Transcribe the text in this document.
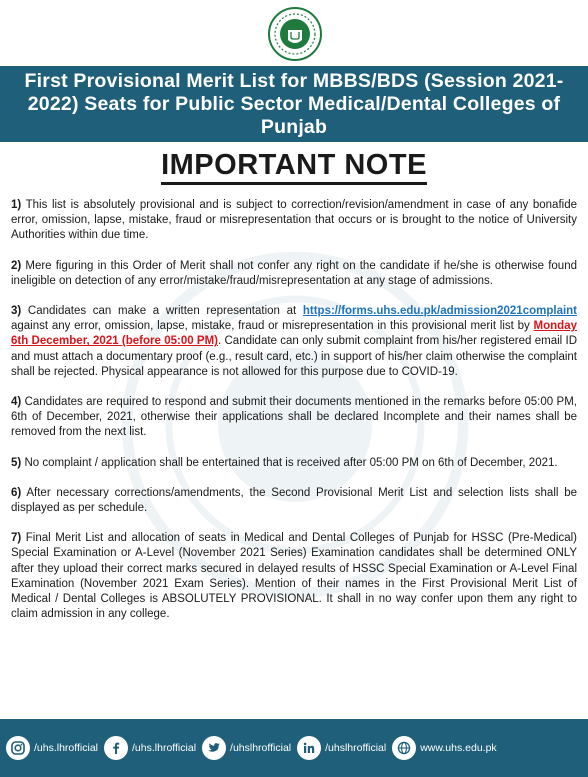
First Provisional Merit List for MBBS/BDS (Session 2021-2022) Seats for Public Sector Medical/Dental Colleges of Punjab
IMPORTANT NOTE

1) This list is absolutely provisional and is subject to correction/revision/amendment in case of any bonafide error, omission, lapse, mistake, fraud or misrepresentation that occurs or is brought to the notice of University Authorities within due time.

2) Mere figuring in this Order of Merit shall not confer any right on the candidate if he/she is otherwise found ineligible on detection of any error/mistake/fraud/misrepresentation at any stage of admissions.

3) Candidates can make a written representation at https://forms.uhs.edu.pk/admission2021complaint against any error, omission, lapse, mistake, fraud or misrepresentation in this provisional merit list by Monday 6th December, 2021 (before 05:00 PM). Candidate can only submit complaint from his/her registered email ID and must attach a documentary proof (e.g., result card, etc.) in support of his/her claim otherwise the complaint shall be rejected. Physical appearance is not allowed for this purpose due to COVID-19.

4) Candidates are required to respond and submit their documents mentioned in the remarks before 05:00 PM, 6th of December, 2021, otherwise their applications shall be declared Incomplete and their names shall be removed from the next list.

5) No complaint / application shall be entertained that is received after 05:00 PM on 6th of December, 2021.

6) After necessary corrections/amendments, the Second Provisional Merit List and selection lists shall be displayed as per schedule.

7) Final Merit List and allocation of seats in Medical and Dental Colleges of Punjab for HSSC (Pre-Medical) Special Examination or A-Level (November 2021 Series) Examination candidates shall be determined ONLY after they upload their correct marks secured in delayed results of HSSC Special Examination or A-Level Final Examination (November 2021 Exam Series). Mention of their names in the First Provisional Merit List of Medical / Dental Colleges is ABSOLUTELY PROVISIONAL. It shall in no way confer upon them any right to claim admission in any college.

/uhs.lhrofficial	/uhs.lhrofficial	/uhslhrofficial	/uhslhrofficial	www.uhs.edu.pk
